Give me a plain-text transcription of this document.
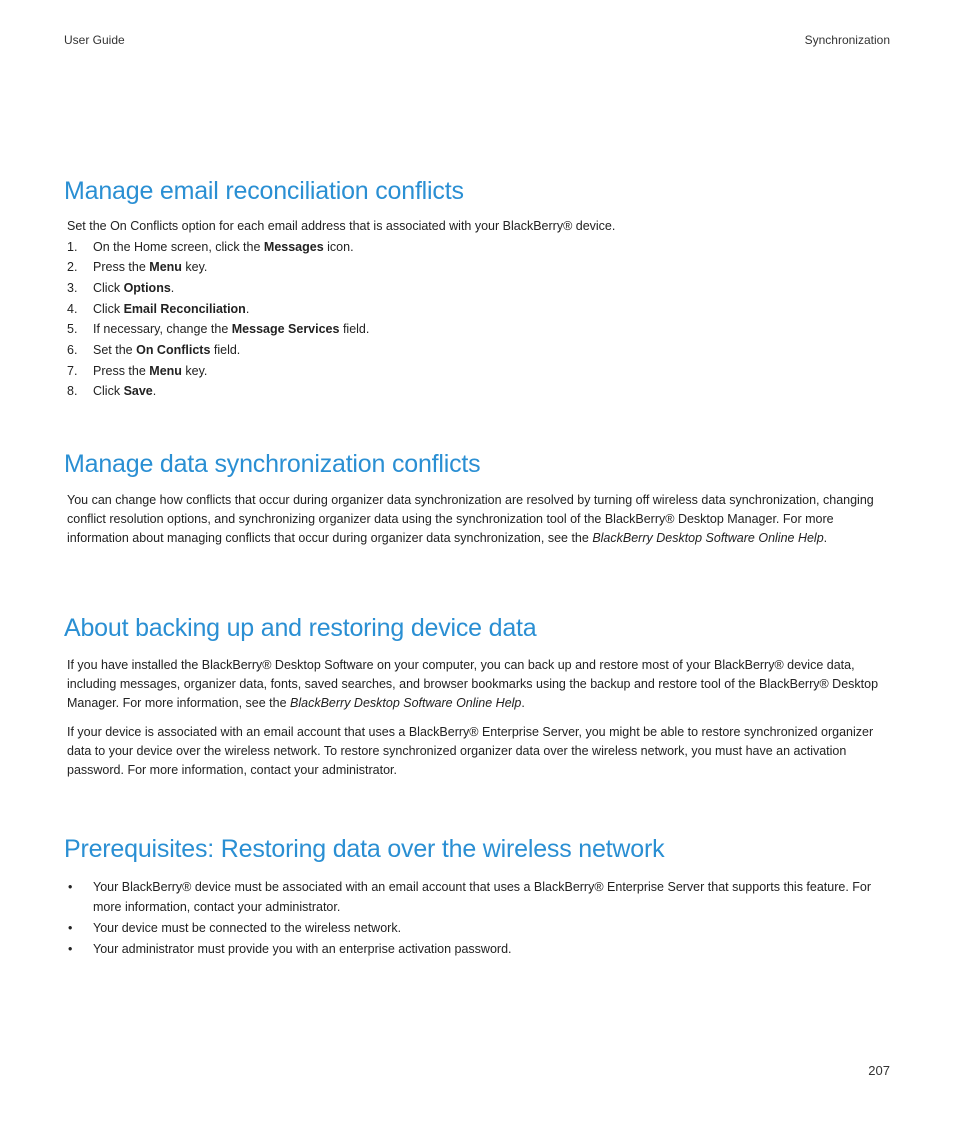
User Guide	Synchronization
Manage email reconciliation conflicts

Set the On Conflicts option for each email address that is associated with your BlackBerry® device.

1. On the Home screen, click the Messages icon.
2. Press the Menu key.
3. Click Options.
4. Click Email Reconciliation.
5. If necessary, change the Message Services field.
6. Set the On Conflicts field.
7. Press the Menu key.
8. Click Save.
Manage data synchronization conflicts

You can change how conflicts that occur during organizer data synchronization are resolved by turning off wireless data synchronization, changing conflict resolution options, and synchronizing organizer data using the synchronization tool of the BlackBerry® Desktop Manager. For more information about managing conflicts that occur during organizer data synchronization, see the BlackBerry Desktop Software Online Help.

About backing up and restoring device data

If you have installed the BlackBerry® Desktop Software on your computer, you can back up and restore most of your BlackBerry® device data, including messages, organizer data, fonts, saved searches, and browser bookmarks using the backup and restore tool of the BlackBerry® Desktop Manager. For more information, see the BlackBerry Desktop Software Online Help.

If your device is associated with an email account that uses a BlackBerry® Enterprise Server, you might be able to restore synchronized organizer data to your device over the wireless network. To restore synchronized organizer data over the wireless network, you must have an activation password. For more information, contact your administrator.

Prerequisites: Restoring data over the wireless network
• Your BlackBerry® device must be associated with an email account that uses a BlackBerry® Enterprise Server that supports this feature. For more information, contact your administrator.
• Your device must be connected to the wireless network.
• Your administrator must provide you with an enterprise activation password.
207
